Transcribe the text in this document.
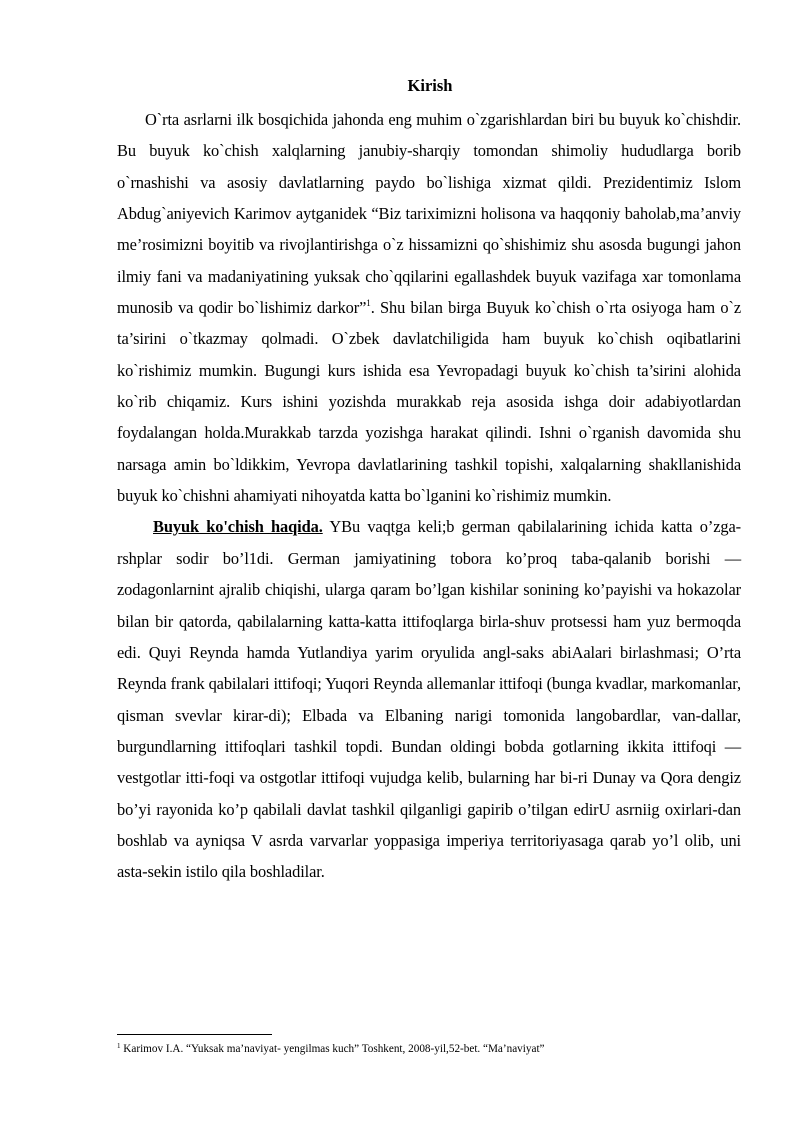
Kirish

O`rta asrlarni ilk bosqichida jahonda eng muhim o`zgarishlardan biri bu buyuk ko`chishdir. Bu buyuk ko`chish xalqlarning janubiy-sharqiy tomondan shimoliy hududlarga borib o`rnashishi va asosiy davlatlarning paydo bo`lishiga xizmat qildi. Prezidentimiz Islom Abdug`aniyevich Karimov aytganidek “Biz tariximizni holisona va haqqoniy baholab,ma’anviy me’rosimizni boyitib va rivojlantirishga o`z hissamizni qo`shishimiz shu asosda bugungi jahon ilmiy fani va madaniyatining yuksak cho`qqilarini egallashdek buyuk vazifaga xar tomonlama munosib va qodir bo`lishimiz darkor”$^1$. Shu bilan birga Buyuk ko`chish o`rta osiyoga ham o`z ta’sirini o`tkazmay qolmadi. O`zbek davlatchiligida ham buyuk ko`chish oqibatlarini ko`rishimiz mumkin. Bugungi kurs ishida esa Yevropadagi buyuk ko`chish ta’sirini alohida ko`rib chiqamiz. Kurs ishini yozishda murakkab reja asosida ishga doir adabiyotlardan foydalangan holda.Murakkab tarzda yozishga harakat qilindi. Ishni o`rganish davomida shu narsaga amin bo`ldikkim, Yevropa davlatlarining tashkil topishi, xalqalarning shakllanishida buyuk ko`chishni ahamiyati nihoyatda katta bo`lganini ko`rishimiz mumkin.

Buyuk ko'chish haqida. YBu vaqtga keli;b german qabilalarining ichida katta o’zga-rshplar sodir bo’l1di. German jamiyatining tobora ko’proq taba-qalanib borishi — zodagonlarnint ajralib chiqishi, ularga qaram bo’lgan kishilar sonining ko’payishi va hokazolar bilan bir qatorda, qabilalarning katta-katta ittifoqlarga birla-shuv protsessi ham yuz bermoqda edi. Quyi Reynda hamda Yutlandiya yarim oryulida angl-saks abiAalari birlashmasi; O’rta Reynda frank qabilalari ittifoqi; Yuqori Reynda allemanlar ittifoqi (bunga kvadlar, markomanlar, qisman svevlar kirar-di); Elbada va Elbaning narigi tomonida langobardlar, van-dallar, burgundlarning ittifoqlari tashkil topdi. Bundan oldingi bobda gotlarning ikkita ittifoqi — vestgotlar itti-foqi va ostgotlar ittifoqi vujudga kelib, bularning har bi-ri Dunay va Qora dengiz bo’yi rayonida ko’p qabilali davlat tashkil qilganligi gapirib o’tilgan edirU asrniig oxirlari-dan boshlab va ayniqsa V asrda varvarlar yoppasiga imperiya territoriyasaga qarab yo’l olib, uni asta-sekin istilo qila boshladilar.

$^1$ Karimov I.A. “Yuksak ma’naviyat- yengilmas kuch” Toshkent, 2008-yil,52-bet. “Ma’naviyat”
